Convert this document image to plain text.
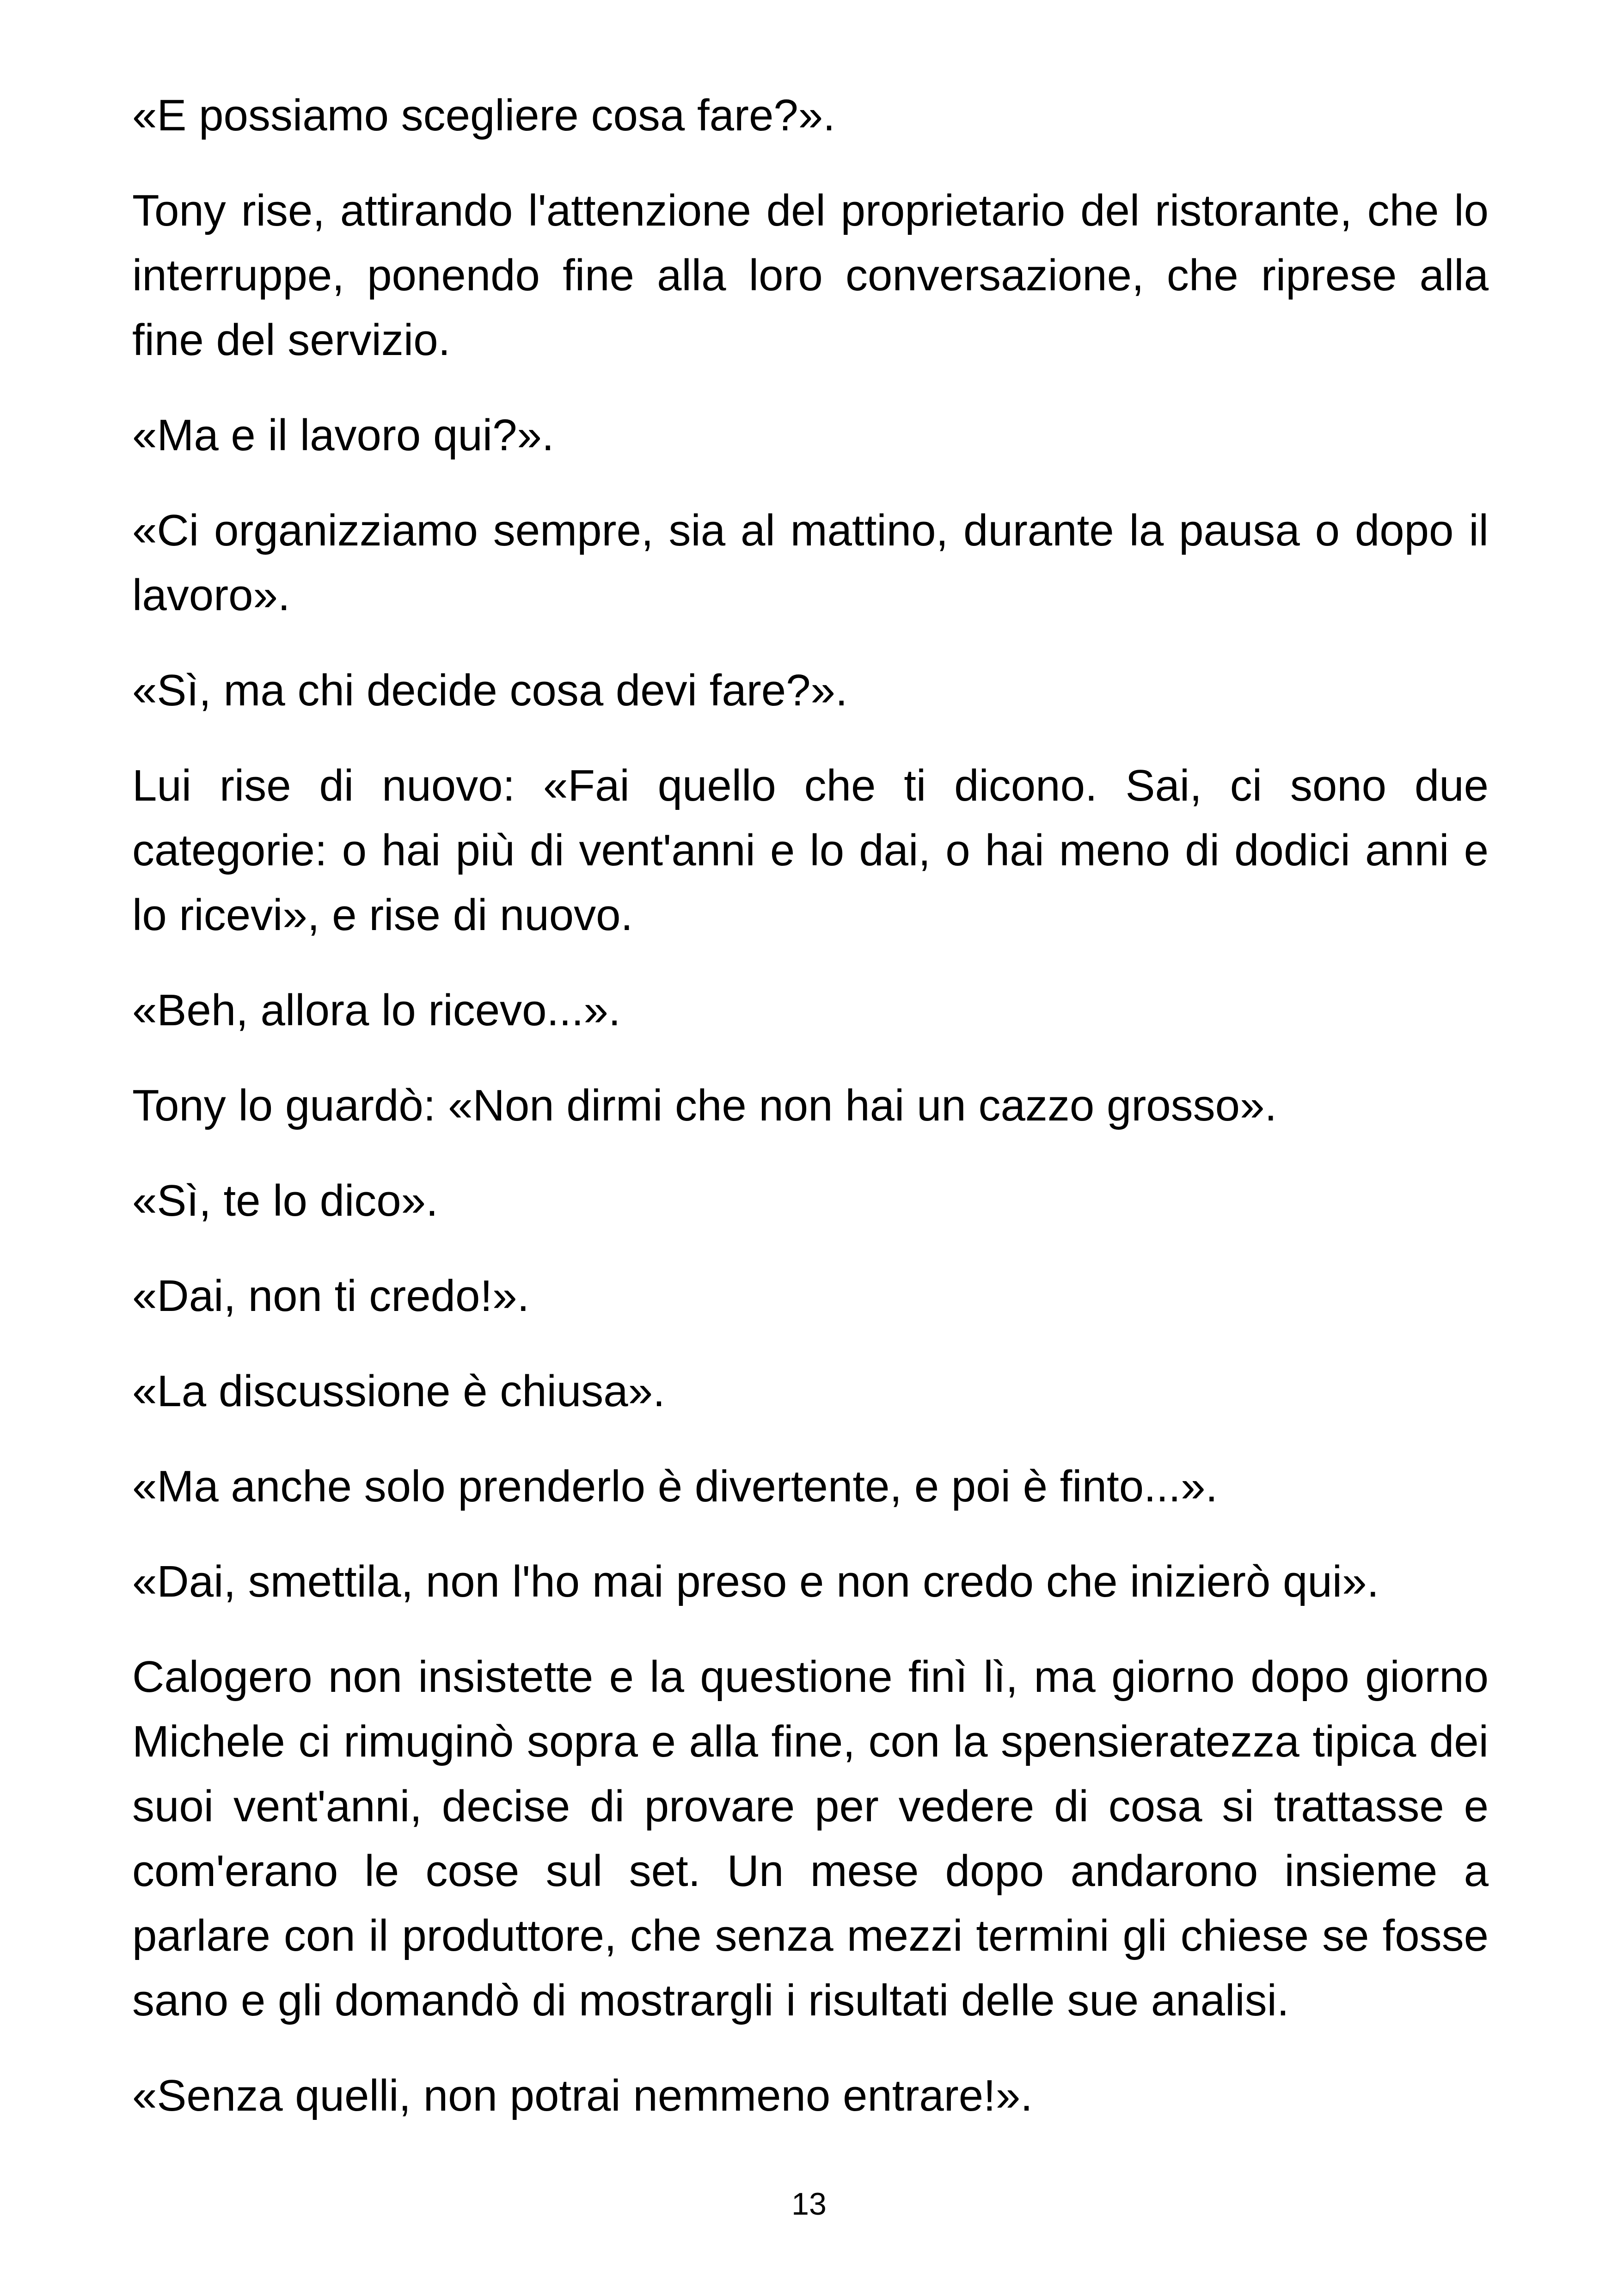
«E possiamo scegliere cosa fare?».

Tony rise, attirando l'attenzione del proprietario del ristorante, che lo interruppe, ponendo fine alla loro conversazione, che riprese alla fine del servizio.

«Ma e il lavoro qui?».

«Ci organizziamo sempre, sia al mattino, durante la pausa o dopo il lavoro».

«Sì, ma chi decide cosa devi fare?».

Lui rise di nuovo: «Fai quello che ti dicono. Sai, ci sono due categorie: o hai più di vent'anni e lo dai, o hai meno di dodici anni e lo ricevi», e rise di nuovo.

«Beh, allora lo ricevo...».

Tony lo guardò: «Non dirmi che non hai un cazzo grosso».

«Sì, te lo dico».

«Dai, non ti credo!».

«La discussione è chiusa».

«Ma anche solo prenderlo è divertente, e poi è finto...».

«Dai, smettila, non l'ho mai preso e non credo che inizierò qui».

Calogero non insistette e la questione finì lì, ma giorno dopo giorno Michele ci rimuginò sopra e alla fine, con la spensieratezza tipica dei suoi vent'anni, decise di provare per vedere di cosa si trattasse e com'erano le cose sul set. Un mese dopo andarono insieme a parlare con il produttore, che senza mezzi termini gli chiese se fosse sano e gli domandò di mostrargli i risultati delle sue analisi.

«Senza quelli, non potrai nemmeno entrare!».

13
